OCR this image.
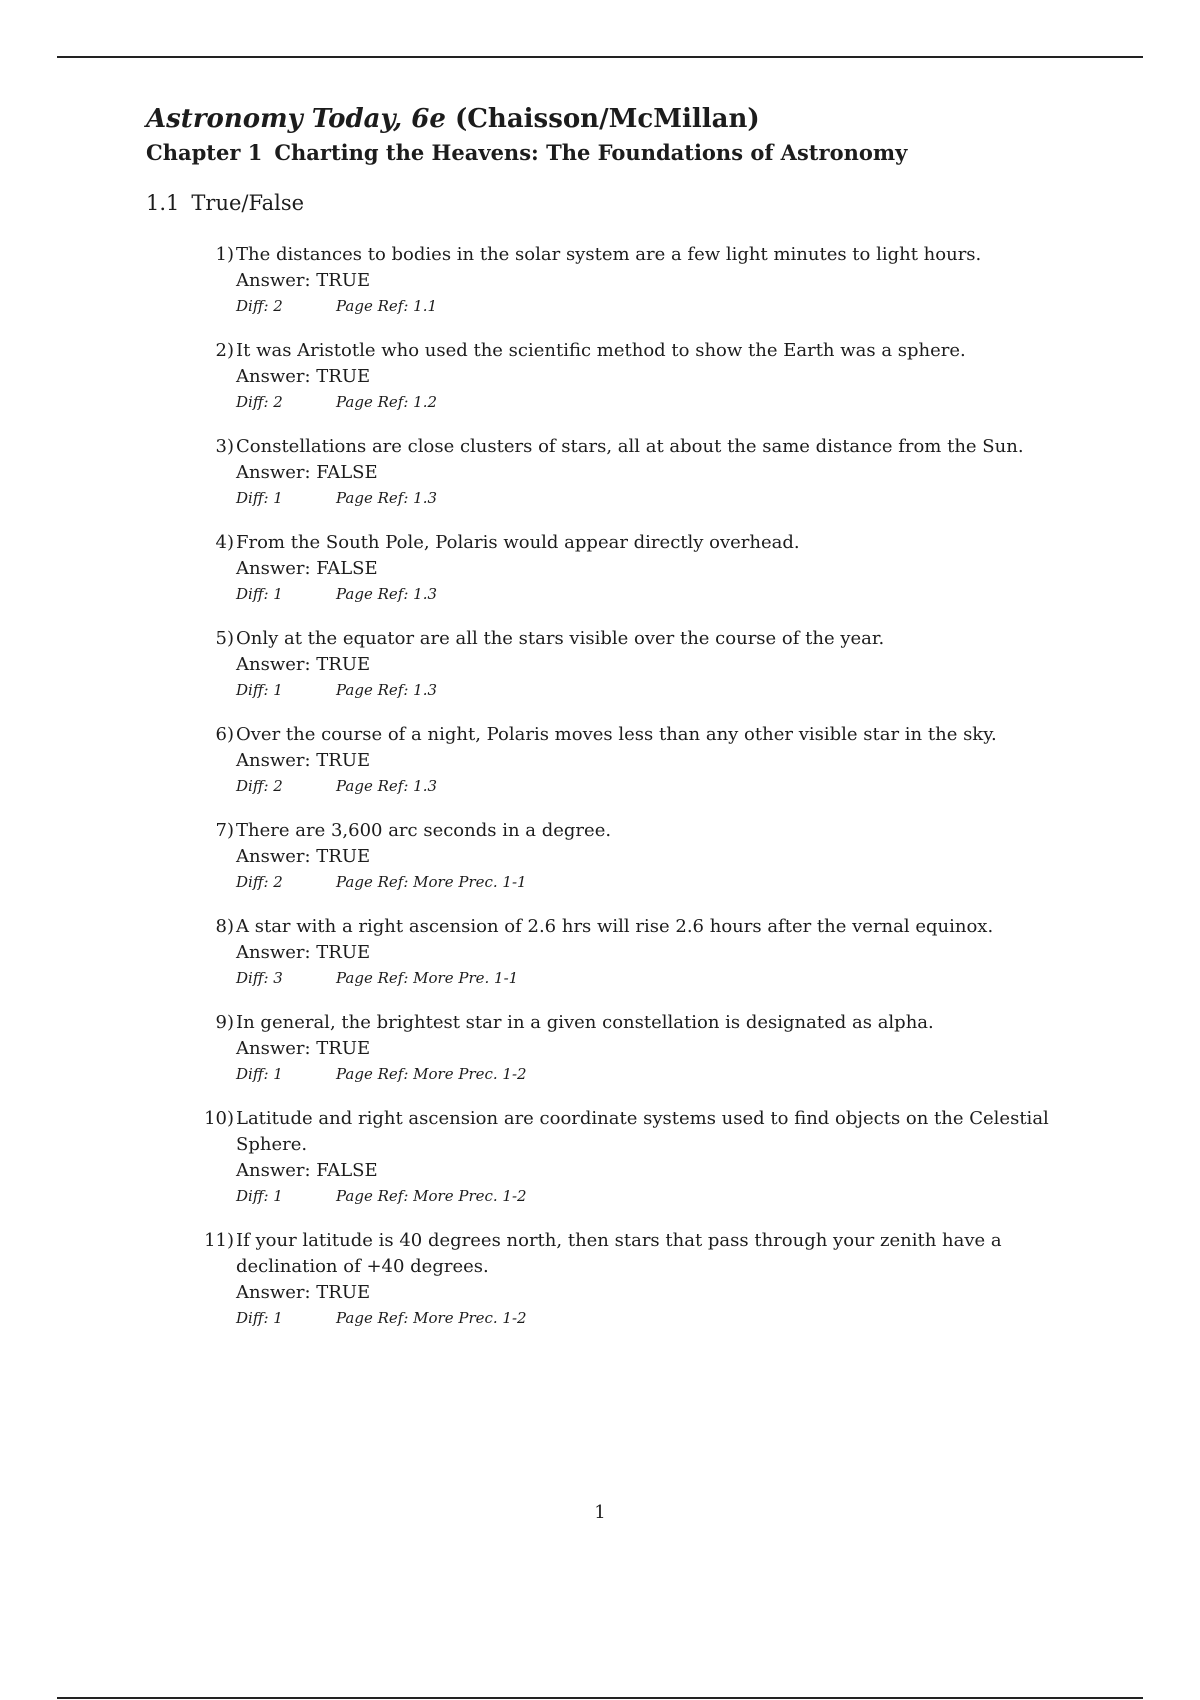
Astronomy Today, 6e (Chaisson/McMillan)
Chapter 1 Charting the Heavens: The Foundations of Astronomy
1.1 True/False
1) The distances to bodies in the solar system are a few light minutes to light hours.

Answer: TRUE

Diff: 2	Page Ref: 1.1

2) It was Aristotle who used the scientific method to show the Earth was a sphere.

Answer: TRUE

Diff: 2	Page Ref: 1.2

3) Constellations are close clusters of stars, all at about the same distance from the Sun.

Answer: FALSE

Diff: 1	Page Ref: 1.3

4) From the South Pole, Polaris would appear directly overhead.

Answer: FALSE

Diff: 1	Page Ref: 1.3

5) Only at the equator are all the stars visible over the course of the year.

Answer: TRUE

Diff: 1	Page Ref: 1.3

6) Over the course of a night, Polaris moves less than any other visible star in the sky.

Answer: TRUE

Diff: 2	Page Ref: 1.3

7) There are 3,600 arc seconds in a degree.

Answer: TRUE

Diff: 2	Page Ref: More Prec. 1-1

8) A star with a right ascension of 2.6 hrs will rise 2.6 hours after the vernal equinox.

Answer: TRUE

Diff: 3	Page Ref: More Pre. 1-1

9) In general, the brightest star in a given constellation is designated as alpha.

Answer: TRUE

Diff: 1	Page Ref: More Prec. 1-2

10) Latitude and right ascension are coordinate systems used to find objects on the Celestial Sphere.

Answer: FALSE

Diff: 1	Page Ref: More Prec. 1-2

11) If your latitude is 40 degrees north, then stars that pass through your zenith have a declination of +40 degrees.

Answer: TRUE

Diff: 1	Page Ref: More Prec. 1-2

1
